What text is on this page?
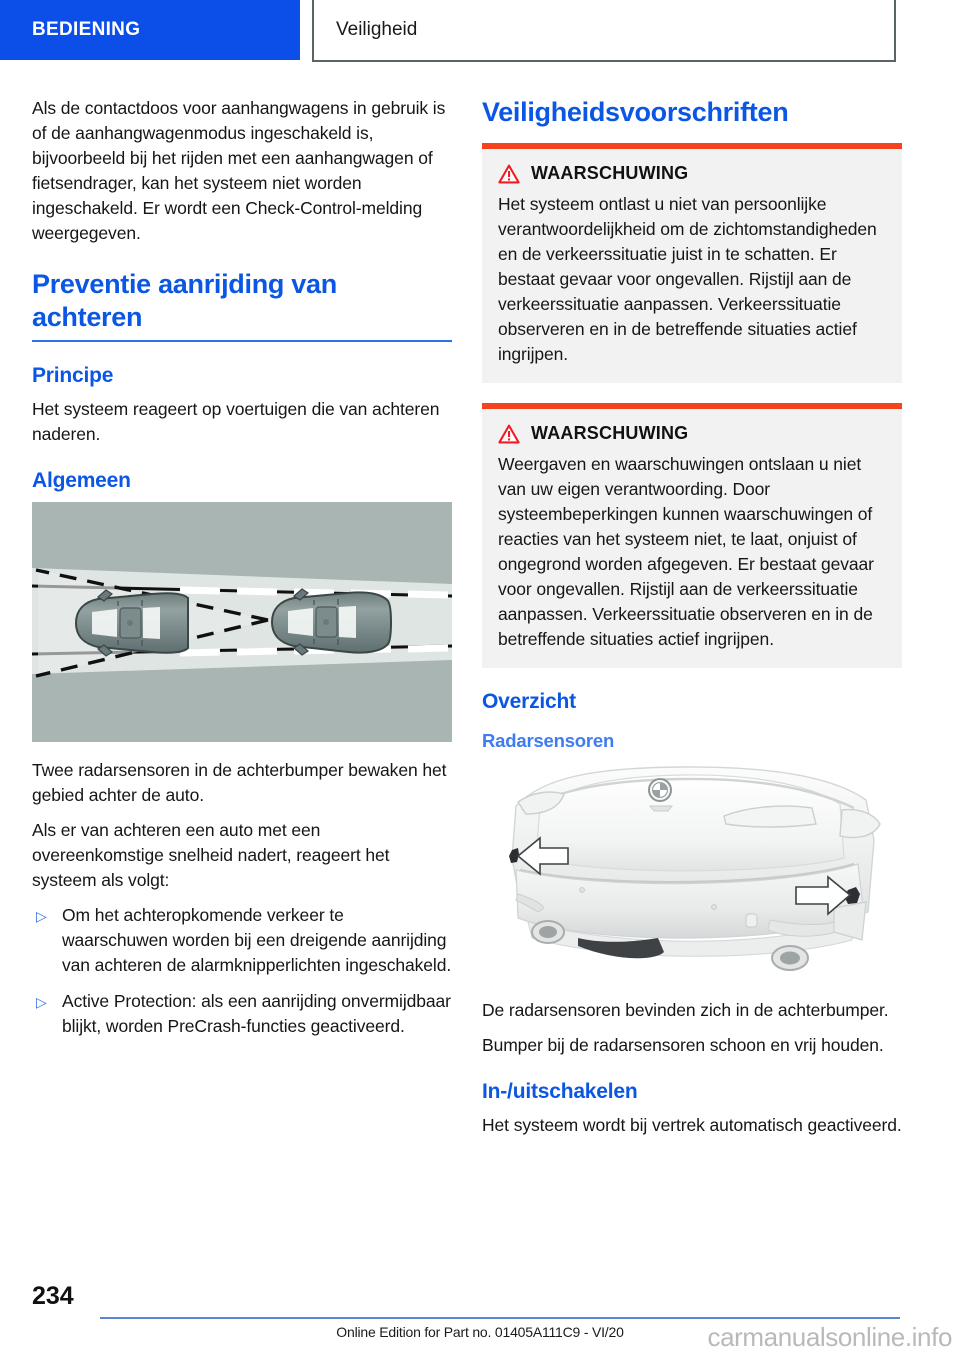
BEDIENING	Veiligheid

Als de contactdoos voor aanhangwagens in gebruik is of de aanhangwagenmodus ingeschakeld is, bijvoorbeeld bij het rijden met een aanhangwagen of fietsendrager, kan het systeem niet worden ingeschakeld. Er wordt een Check-Control-melding weergegeven.

Preventie aanrijding van achteren
Principe

Het systeem reageert op voertuigen die van achteren naderen.

Algemeen

Twee radarsensoren in de achterbumper bewaken het gebied achter de auto.

Als er van achteren een auto met een overeenkomstige snelheid nadert, reageert het systeem als volgt:

▷ Om het achteropkomende verkeer te waarschuwen worden bij een dreigende aanrijding van achteren de alarmknipperlichten ingeschakeld.
▷ Active Protection: als een aanrijding onvermijdbaar blijkt, worden PreCrash-functies geactiveerd.
Veiligheidsvoorschriften
WAARSCHUWING
Het systeem ontlast u niet van persoonlijke verantwoordelijkheid om de zichtomstandigheden en de verkeerssituatie juist in te schatten. Er bestaat gevaar voor ongevallen. Rijstijl aan de verkeerssituatie aanpassen. Verkeerssituatie observeren en in de betreffende situaties actief ingrijpen.
WAARSCHUWING
Weergaven en waarschuwingen ontslaan u niet van uw eigen verantwoording. Door systeembeperkingen kunnen waarschuwingen of reacties van het systeem niet, te laat, onjuist of ongegrond worden afgegeven. Er bestaat gevaar voor ongevallen. Rijstijl aan de verkeerssituatie aanpassen. Verkeerssituatie observeren en in de betreffende situaties actief ingrijpen.
Overzicht
Radarsensoren

De radarsensoren bevinden zich in de achterbumper.

Bumper bij de radarsensoren schoon en vrij houden.

In-/uitschakelen

Het systeem wordt bij vertrek automatisch geactiveerd.

234
Online Edition for Part no. 01405A111C9 - VI/20	carmanualsonline.info
